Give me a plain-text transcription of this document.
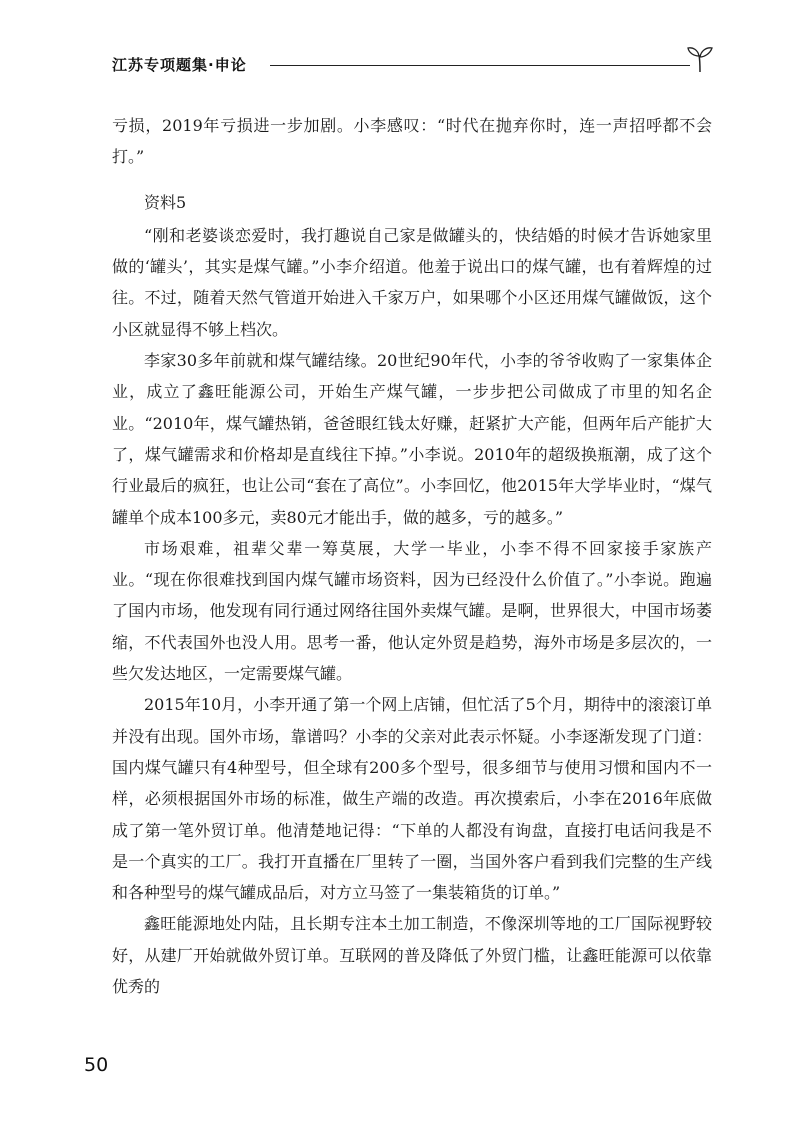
江苏专项题集·申论

亏损，2019年亏损进一步加剧。小李感叹：“时代在抛弃你时，连一声招呼都不会打。”

资料5

“刚和老婆谈恋爱时，我打趣说自己家是做罐头的，快结婚的时候才告诉她家里做的‘罐头’，其实是煤气罐。”小李介绍道。他羞于说出口的煤气罐，也有着辉煌的过往。不过，随着天然气管道开始进入千家万户，如果哪个小区还用煤气罐做饭，这个小区就显得不够上档次。

李家30多年前就和煤气罐结缘。20世纪90年代，小李的爷爷收购了一家集体企业，成立了鑫旺能源公司，开始生产煤气罐，一步步把公司做成了市里的知名企业。“2010年，煤气罐热销，爸爸眼红钱太好赚，赶紧扩大产能，但两年后产能扩大了，煤气罐需求和价格却是直线往下掉。”小李说。2010年的超级换瓶潮，成了这个行业最后的疯狂，也让公司“套在了高位”。小李回忆，他2015年大学毕业时，“煤气罐单个成本100多元，卖80元才能出手，做的越多，亏的越多。”

市场艰难，祖辈父辈一筹莫展，大学一毕业，小李不得不回家接手家族产业。“现在你很难找到国内煤气罐市场资料，因为已经没什么价值了。”小李说。跑遍了国内市场，他发现有同行通过网络往国外卖煤气罐。是啊，世界很大，中国市场萎缩，不代表国外也没人用。思考一番，他认定外贸是趋势，海外市场是多层次的，一些欠发达地区，一定需要煤气罐。

2015年10月，小李开通了第一个网上店铺，但忙活了5个月，期待中的滚滚订单并没有出现。国外市场，靠谱吗？小李的父亲对此表示怀疑。小李逐渐发现了门道：国内煤气罐只有4种型号，但全球有200多个型号，很多细节与使用习惯和国内不一样，必须根据国外市场的标准，做生产端的改造。再次摸索后，小李在2016年底做成了第一笔外贸订单。他清楚地记得：“下单的人都没有询盘，直接打电话问我是不是一个真实的工厂。我打开直播在厂里转了一圈，当国外客户看到我们完整的生产线和各种型号的煤气罐成品后，对方立马签了一集装箱货的订单。”

鑫旺能源地处内陆，且长期专注本土加工制造，不像深圳等地的工厂国际视野较好，从建厂开始就做外贸订单。互联网的普及降低了外贸门槛，让鑫旺能源可以依靠优秀的

50
